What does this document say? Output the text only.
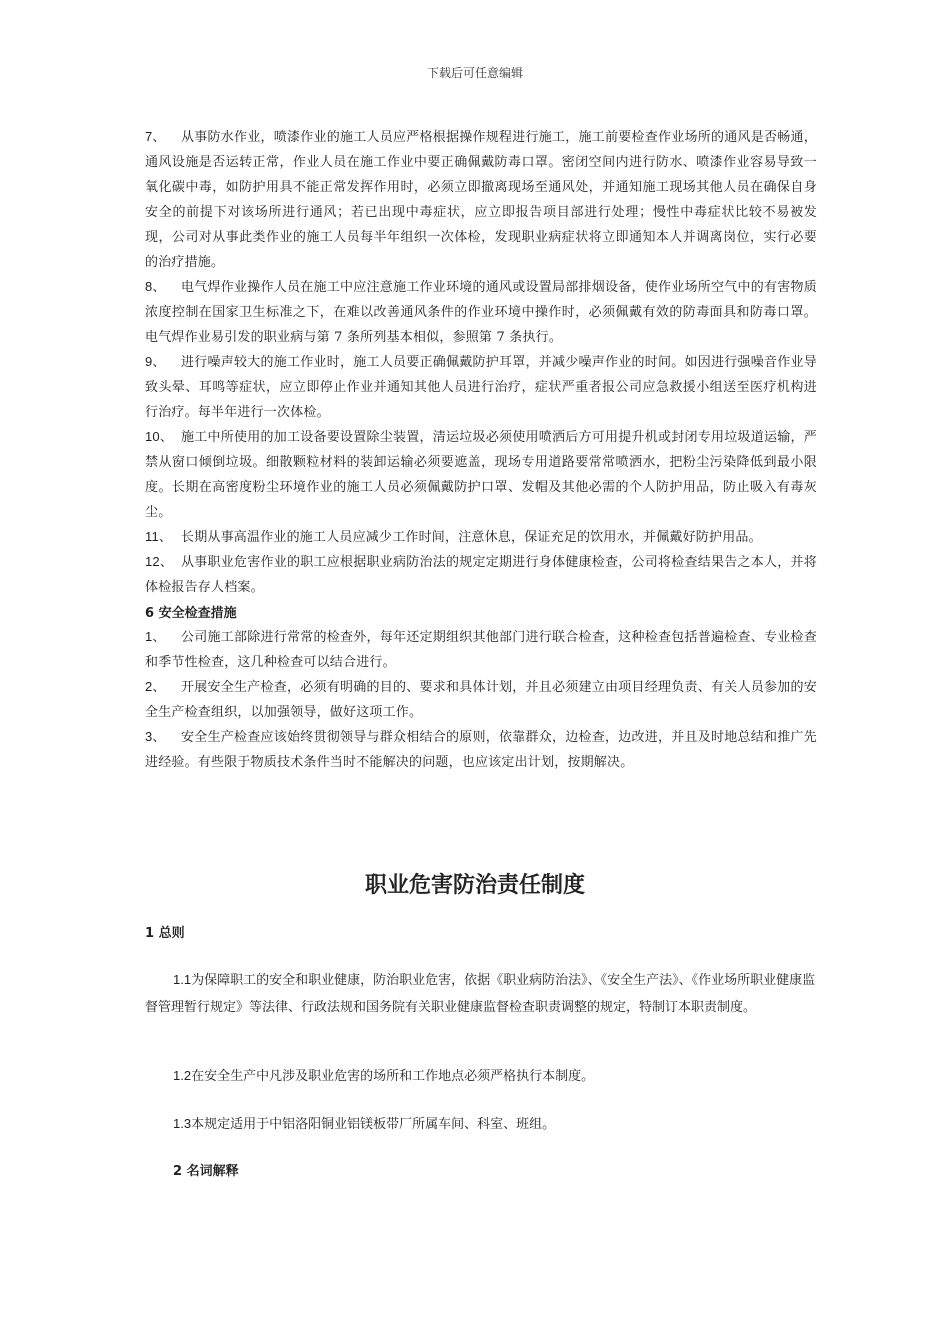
下载后可任意编辑

7、 从事防水作业，喷漆作业的施工人员应严格根据操作规程进行施工，施工前要检查作业场所的通风是否畅通，通风设施是否运转正常，作业人员在施工作业中要正确佩戴防毒口罩。密闭空间内进行防水、喷漆作业容易导致一氧化碳中毒，如防护用具不能正常发挥作用时，必须立即撤离现场至通风处，并通知施工现场其他人员在确保自身安全的前提下对该场所进行通风；若已出现中毒症状，应立即报告项目部进行处理；慢性中毒症状比较不易被发现，公司对从事此类作业的施工人员每半年组织一次体检，发现职业病症状将立即通知本人并调离岗位，实行必要的治疗措施。

8、 电气焊作业操作人员在施工中应注意施工作业环境的通风或设置局部排烟设备，使作业场所空气中的有害物质浓度控制在国家卫生标准之下，在难以改善通风条件的作业环境中操作时，必须佩戴有效的防毒面具和防毒口罩。电气焊作业易引发的职业病与第 7 条所列基本相似，参照第 7 条执行。

9、 进行噪声较大的施工作业时，施工人员要正确佩戴防护耳罩，并减少噪声作业的时间。如因进行强噪音作业导致头晕、耳鸣等症状，应立即停止作业并通知其他人员进行治疗，症状严重者报公司应急救援小组送至医疗机构进行治疗。每半年进行一次体检。

10、 施工中所使用的加工设备要设置除尘装置，清运垃圾必须使用喷洒后方可用提升机或封闭专用垃圾道运输，严禁从窗口倾倒垃圾。细散颗粒材料的装卸运输必须要遮盖，现场专用道路要常常喷洒水，把粉尘污染降低到最小限度。长期在高密度粉尘环境作业的施工人员必须佩戴防护口罩、发帽及其他必需的个人防护用品，防止吸入有毒灰尘。

11、 长期从事高温作业的施工人员应减少工作时间，注意休息，保证充足的饮用水，并佩戴好防护用品。

12、 从事职业危害作业的职工应根据职业病防治法的规定定期进行身体健康检查，公司将检查结果告之本人，并将体检报告存人档案。

6 安全检查措施

1、 公司施工部除进行常常的检查外，每年还定期组织其他部门进行联合检查，这种检查包括普遍检查、专业检查和季节性检查，这几种检查可以结合进行。

2、 开展安全生产检查，必须有明确的目的、要求和具体计划，并且必须建立由项目经理负责、有关人员参加的安全生产检查组织，以加强领导，做好这项工作。

3、 安全生产检查应该始终贯彻领导与群众相结合的原则，依靠群众，边检查，边改进，并且及时地总结和推广先进经验。有些限于物质技术条件当时不能解决的问题，也应该定出计划，按期解决。

职业危害防治责任制度

1 总则

1.1为保障职工的安全和职业健康，防治职业危害，依据《职业病防治法》、《安全生产法》、《作业场所职业健康监督管理暂行规定》等法律、行政法规和国务院有关职业健康监督检查职责调整的规定，特制订本职责制度。

1.2在安全生产中凡涉及职业危害的场所和工作地点必须严格执行本制度。

1.3本规定适用于中铝洛阳铜业铝镁板带厂所属车间、科室、班组。

2 名词解释
